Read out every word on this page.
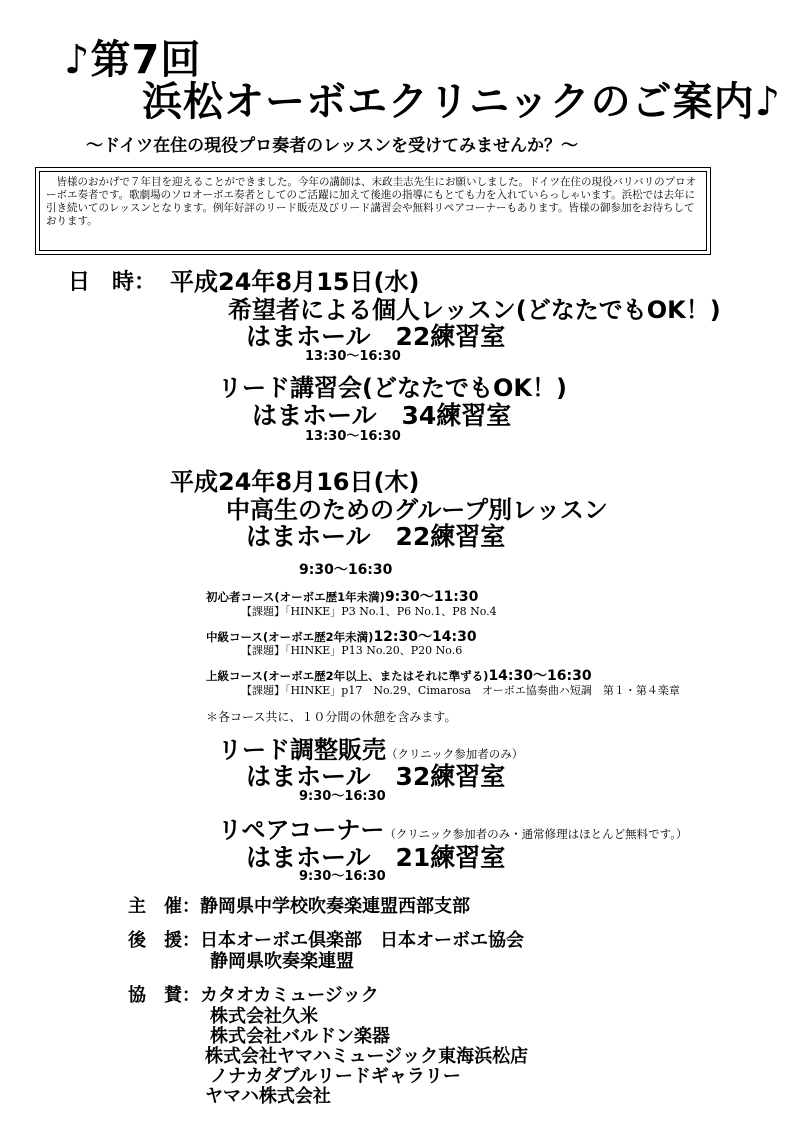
♪第7回
浜松オーボエクリニックのご案内♪
～ドイツ在住の現役プロ奏者のレッスンを受けてみませんか？～
皆様のおかげで７年目を迎えることができました。今年の講師は、末政圭志先生にお願いしました。ドイツ在住の現役バリバリのプロオーボエ奏者です。歌劇場のソロオーボエ奏者としてのご活躍に加えて後進の指導にもとても力を入れていらっしゃいます。浜松では去年に引き続いてのレッスンとなります。例年好評のリード販売及びリード講習会や無料リペアコーナーもあります。皆様の御参加をお待ちしております。
日　時： 平成24年8月15日(水)
希望者による個人レッスン(どなたでもOK！)
はまホール　22練習室
13:30～16:30
リード講習会(どなたでもOK！)
はまホール　34練習室
13:30～16:30
平成24年8月16日(木)
中高生のためのグループ別レッスン
はまホール　22練習室
9:30～16:30
初心者コース(オーボエ歴1年未満)9:30～11:30
【課題】「HINKE」P3 No.1、P6 No.1、P8 No.4
中級コース(オーボエ歴2年未満)12:30～14:30
【課題】「HINKE」P13 No.20、P20 No.6
上級コース(オーボエ歴2年以上、またはそれに準ずる)14:30～16:30
【課題】「HINKE」p17　No.29、Cimarosa　オーボエ協奏曲ハ短調　第１・第４楽章
＊各コース共に、１０分間の休憩を含みます。
リード調整販売（クリニック参加者のみ）
はまホール　32練習室
9:30～16:30
リペアコーナー（クリニック参加者のみ・通常修理はほとんど無料です。）
はまホール　21練習室
9:30～16:30
主　催：静岡県中学校吹奏楽連盟西部支部
後　援：日本オーボエ倶楽部　日本オーボエ協会
静岡県吹奏楽連盟
協　賛：カタオカミュージック
株式会社久米
株式会社バルドン楽器
株式会社ヤマハミュージック東海浜松店
ノナカダブルリードギャラリー
ヤマハ株式会社
